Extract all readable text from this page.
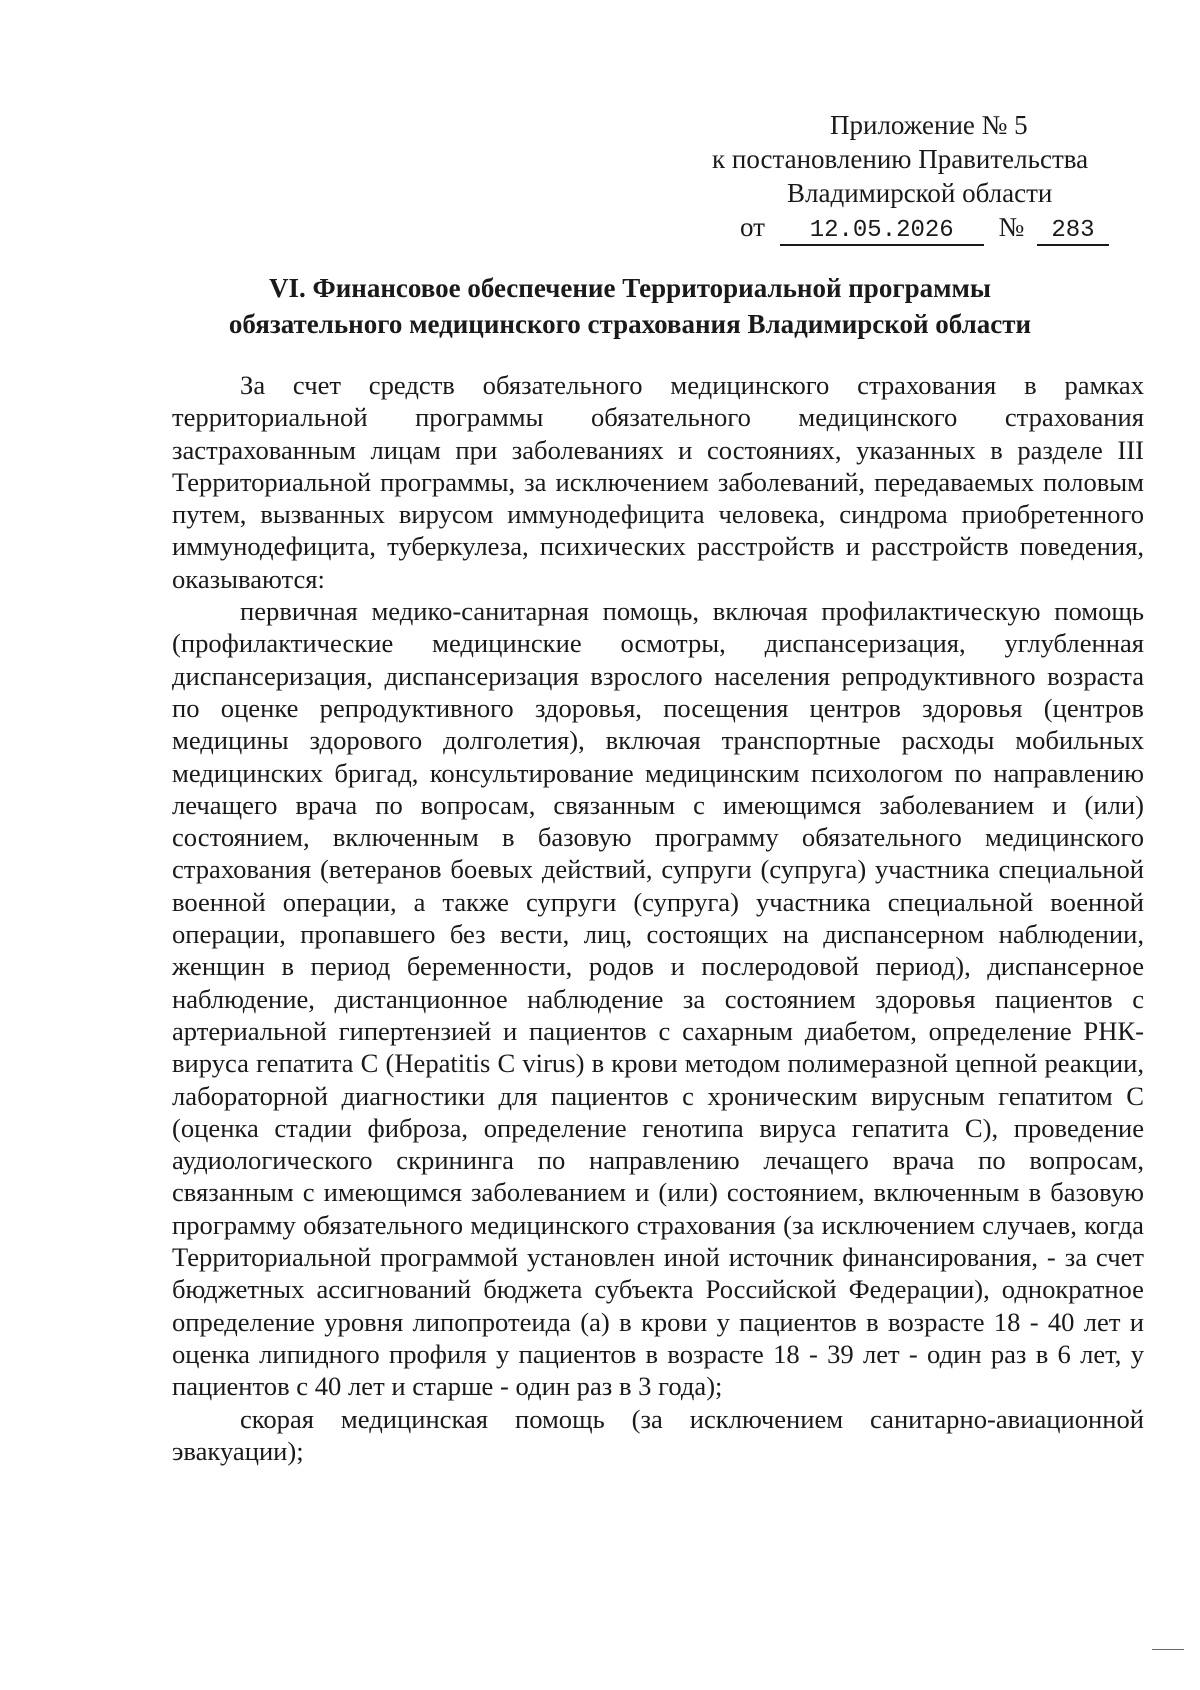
Приложение № 5
к постановлению Правительства
Владимирской области
от 12.05.2026 № 283
VI. Финансовое обеспечение Территориальной программы
обязательного медицинского страхования Владимирской области

За счет средств обязательного медицинского страхования в рамках территориальной программы обязательного медицинского страхования застрахованным лицам при заболеваниях и состояниях, указанных в разделе III Территориальной программы, за исключением заболеваний, передаваемых половым путем, вызванных вирусом иммунодефицита человека, синдрома приобретенного иммунодефицита, туберкулеза, психических расстройств и расстройств поведения, оказываются:

первичная медико-санитарная помощь, включая профилактическую помощь (профилактические медицинские осмотры, диспансеризация, углубленная диспансеризация, диспансеризация взрослого населения репродуктивного возраста по оценке репродуктивного здоровья, посещения центров здоровья (центров медицины здорового долголетия), включая транспортные расходы мобильных медицинских бригад, консультирование медицинским психологом по направлению лечащего врача по вопросам, связанным с имеющимся заболеванием и (или) состоянием, включенным в базовую программу обязательного медицинского страхования (ветеранов боевых действий, супруги (супруга) участника специальной военной операции, а также супруги (супруга) участника специальной военной операции, пропавшего без вести, лиц, состоящих на диспансерном наблюдении, женщин в период беременности, родов и послеродовой период), диспансерное наблюдение, дистанционное наблюдение за состоянием здоровья пациентов с артериальной гипертензией и пациентов с сахарным диабетом, определение РНК-вируса гепатита C (Hepatitis C virus) в крови методом полимеразной цепной реакции, лабораторной диагностики для пациентов с хроническим вирусным гепатитом C (оценка стадии фиброза, определение генотипа вируса гепатита C), проведение аудиологического скрининга по направлению лечащего врача по вопросам, связанным с имеющимся заболеванием и (или) состоянием, включенным в базовую программу обязательного медицинского страхования (за исключением случаев, когда Территориальной программой установлен иной источник финансирования, - за счет бюджетных ассигнований бюджета субъекта Российской Федерации), однократное определение уровня липопротеида (a) в крови у пациентов в возрасте 18 - 40 лет и оценка липидного профиля у пациентов в возрасте 18 - 39 лет - один раз в 6 лет, у пациентов с 40 лет и старше - один раз в 3 года);

скорая медицинская помощь (за исключением санитарно-авиационной эвакуации);
